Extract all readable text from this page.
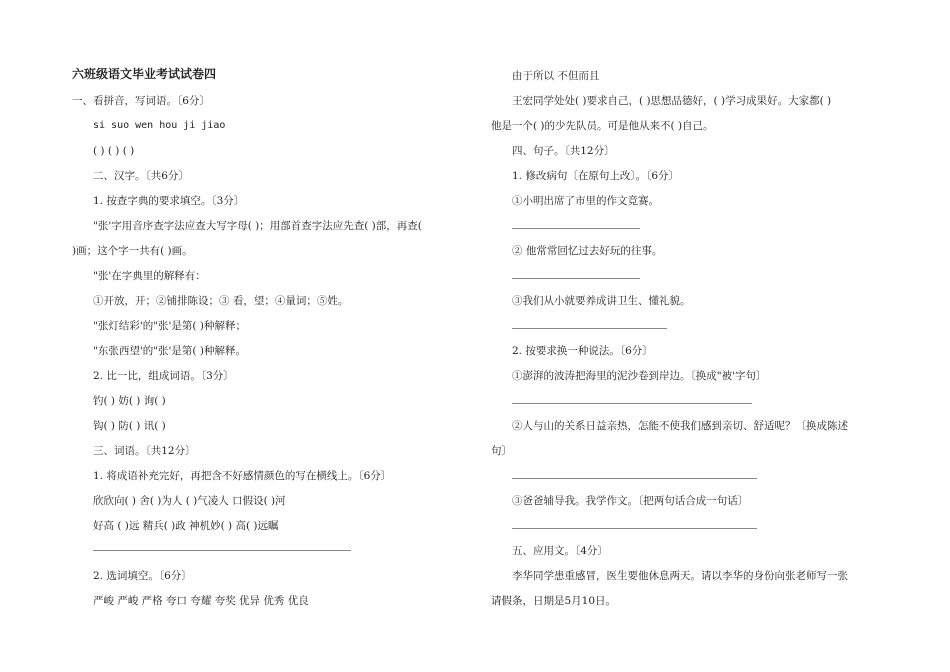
六班级语文毕业考试试卷四
一、看拼音，写词语。〔6分〕
si suo wen hou ji jiao
( ) ( ) ( )
二、汉字。〔共6分〕
1. 按查字典的要求填空。〔3分〕
"张'字用音序查字法应查大写字母( )；用部首查字法应先查( )部，再查(
)画；这个字一共有( )画。
"张'在字典里的解释有：
①开放，开；②铺排陈设；③ 看，望；④量词；⑤姓。
"张灯结彩'的"张'是第( )种解释；
"东张西望'的"张'是第( )种解释。
2. 比一比，组成词语。〔3分〕
钓( ) 妨( ) 询( )
钩( ) 防( ) 讯( )
三、词语。〔共12分〕
1. 将成语补充完好，再把含不好感情颜色的写在横线上。〔6分〕
欣欣向( ) 舍( )为人 ( )气凌人 口假设( )河
好高 ( )远 精兵( )政 神机妙( ) 高( )远瞩
2. 选词填空。〔6分〕
严峻 严峻 严格 夸口 夸耀 夸奖 优异 优秀 优良
由于所以 不但而且
王宏同学处处( )要求自己，( )思想品德好，( )学习成果好。大家都( )
他是一个( )的少先队员。可是他从来不( )自己。
四、句子。〔共12分〕
1. 修改病句〔在原句上改〕。〔6分〕
①小明出席了市里的作文竞赛。
② 他常常回忆过去好玩的往事。
③我们从小就要养成讲卫生、懂礼貌。
2. 按要求换一种说法。〔6分〕
①澎湃的波涛把海里的泥沙卷到岸边。〔换成"被'字句〕
②人与山的关系日益亲热，怎能不使我们感到亲切、舒适呢？〔换成陈述
句〕
③爸爸辅导我。我学作文。〔把两句话合成一句话〕
五、应用文。〔4分〕
李华同学患重感冒，医生要他休息两天。请以李华的身份向张老师写一张
请假条，日期是5月10日。
